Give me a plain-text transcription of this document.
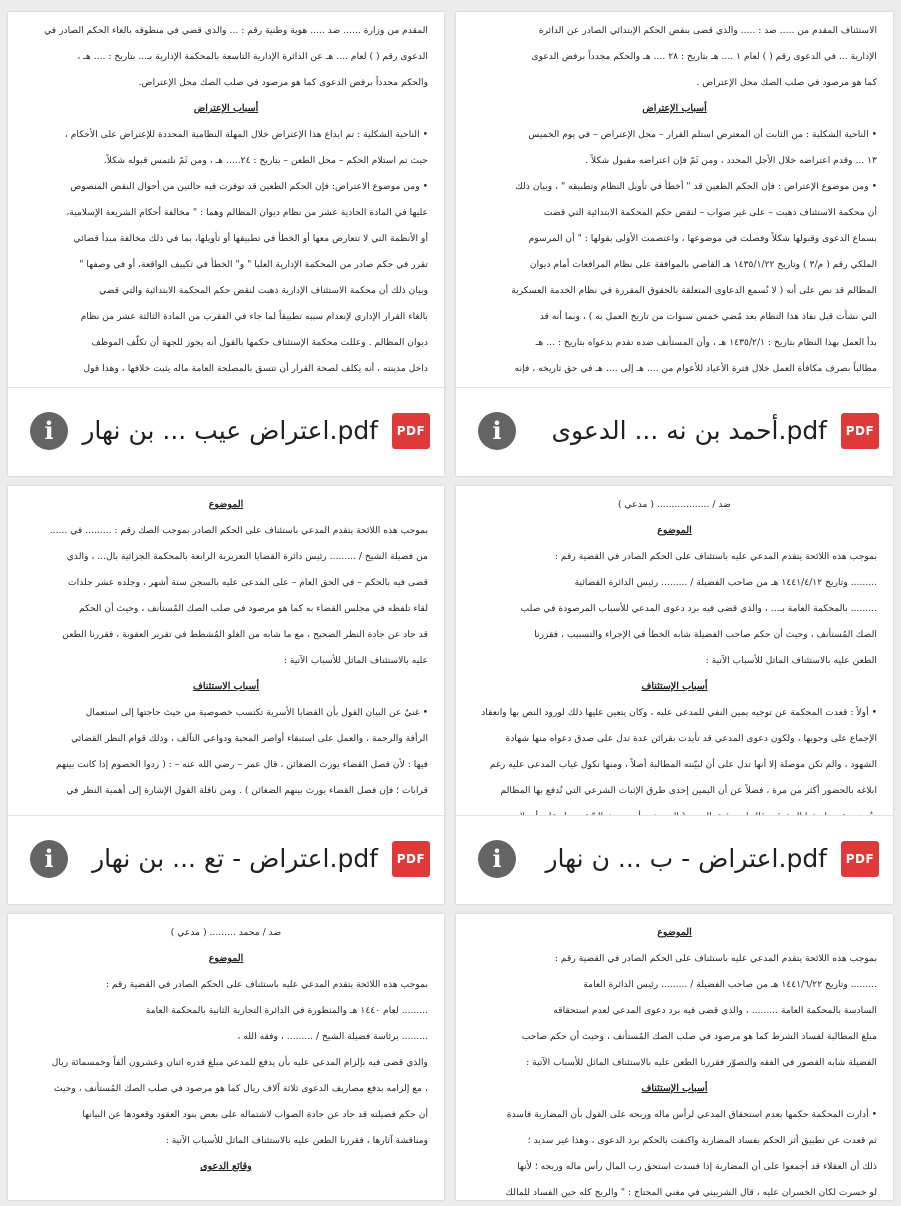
المقدم من وزارة ...... ضد ..... هوية وطنية رقم : ... والذي قضي في منطوقه بالغاء الحكم الصادر في

الدعوى رقم ( ) لعام .... هـ عن الدائرة الإدارية التاسعة بالمحكمة الإدارية بـ... بتاريخ : .... هـ ،

والحكم مجدداً برفض الدعوى كما هو مرصود في صلب الصك محل الإعتراض.

أسباب الإعتراض

• الناحية الشكلية : تم ايداع هذا الإعتراض خلال المهلة النظامية المحددة للإعتراض على الأحكام ،

حيث تم استلام الحكم – محل الطعن – بتاريخ : ٢٤..... هـ ، ومن ثَمّ نلتمس قبوله شكلاً.

• ومن موضوع الاعتراض: فإن الحكم الطعين قد توفرت فيه حالتين من أحوال النقض المنصوص

عليها في المادة الحادية عشر من نظام ديوان المظالم وهما : " مخالفة أحكام الشريعة الإسلامية،

أو الأنظمة التي لا تتعارض معها أو الخطأ في تطبيقها أو تأويلها، بما في ذلك مخالفة مبدأ قضائي

تقرر في حكم صادر من المحكمة الإدارية العليا " و" الخطأ في تكييف الواقعة، أو في وصفها "

وبيان ذلك أن محكمة الاستئناف الإدارية ذهبت لنقض حكم المحكمة الابتدائية والتي قضي

بالغاء القرار الإداري لإنعدام سببه تطبيقاً لما جاء في الفقرب من المادة الثالثة عشر من نظام

ديوان المظالم . وعللت محكمة الإستئناف حكمها بالقول أنه يجوز للجهة أن تكلّف الموظف

داخل مدينته ، أنه يكلف لصحة القرار أن تتسق بالمصلحة العامة ماله يثبت خلافها ، وهذا قول

i	اعتراض عيب ... بن نهار.pdf	PDF

الاستئناف المقدم من ..... ضد : ..... والذي قضى بنقض الحكم الإبتدائي الصادر عن الدائرة

الإدارية ... في الدعوى رقم ( ) لعام ١ .... هـ بتاريخ : ٢٨ .... هـ والحكم مجدداً برفض الدعوى

كما هو مرصود في صلب الصك محل الإعتراض .

أسباب الإعتراض

• الناحية الشكلية : من الثابت أن المعترض استلم القرار – محل الإعتراض – في يوم الخميس

١٣ ... وقدم اعتراضه خلال الأجل المحدد ، ومن ثَمّ فإن اعتراضه مقبول شكلاً .

• ومن موضوع الإعتراض : فإن الحكم الطعين قد " أخطأ في تأويل النظام وتطبيقه " ، وبيان ذلك

أن محكمة الاستئناف ذهبت – على غير صواب – لنقض حكم المحكمة الابتدائية التي قضت

بسماع الدعوى وقبولها شكلاً وفصلت في موضوعها ، واعتصمت الأولى بقولها : " أن المرسوم

الملكي رقم ( م/٣ ) وتاريخ ١٤٣٥/١/٢٢ هـ القاضي بالموافقة على نظام المرافعات أمام ديوان

المظالم قد نص على أنه ( لا تُسمع الدعاوى المتعلقة بالحقوق المقررة في نظام الخدمة العسكرية

التي نشأت قبل نفاذ هذا النظام بعد مُضي خمس سنوات من تاريخ العمل به ) ، وبما أنه قد

بدأ العمل بهذا النظام بتاريخ : ١٤٣٥/٢/١ هـ ، وأن المستأنف ضده تقدم بدعواه بتاريخ : ... هـ

مطالباً بصرف مكافأة العمل خلال فترة الأعياد للأعوام من .... هـ إلى .... هـ في حق تاريخه ، فإنه

i	أحمد بن نه ... الدعوى.pdf	PDF

الموضوع

بموجب هذه اللائحة يتقدم المدعي باستئناف على الحكم الصادر بموجب الصك رقم : ......... في ......

من فضيلة الشيخ / ......... رئيس دائرة القضايا التعزيرية الرابعة بالمحكمة الجزائية بال... ، والذي

قضى فيه بالحكم – في الحق العام – على المدعى عليه بالسجن ستة أشهر ، وجلده عشر جلدات

لقاء تلفظه في مجلس القضاء به كما هو مرصود في صلب الصك المُستأنف ، وحيث أن الحكم

قد حاد عن جادة النظر الصحيح ، مع ما شابه من الغلو المُشطط في تقرير العقوبة ، فقررنا الطعن

عليه بالاستئناف الماثل للأسباب الآتية :

أسباب الاستئناف

• غنيٌ عن البيان القول بأن القضايا الأسرية تكتسب خصوصية من حيث حاجتها إلى استعمال

الرأفة والرحمة ، والعمل على استبقاء أواصر المحبة ودواعي التآلف ، وذلك قوام النظر القضائي

فيها : لأن فصل القضاء يورث الضغائن ، قال عمر – رضي الله عنه – : ( ردوا الخصوم إذا كانت بينهم

قرابات ؛ فإن فصل القضاء يورث بينهم الضغائن ) . ومن نافلة القول الإشارة إلى أهمية النظر في

i	اعتراض - تع ... بن نهار.pdf	PDF

ضد / .................. ( مدعي )

الموضوع

بموجب هذه اللائحة يتقدم المدعي عليه باستئناف على الحكم الصادر في القضية رقم :

......... وتاريخ ١٤٤١/٤/١٢ هـ من صاحب الفضيلة / ......... رئيس الدائرة القضائية

......... بالمحكمة العامة بـ... ، والذي قضى فيه برد دعوى المدعي للأسباب المرصودة في صلب

الصك المُستأنف ، وحيث أن حكم صاحب الفضيلة شابه الخطأ في الإجراء والتسبيب ، فقررنا

الطعن عليه بالاستئناف الماثل للأسباب الآتية :

أسباب الإستئناف

• أولاً : قعدت المحكمة عن توجيه يمين النفي للمدعى عليه ، وكان يتعين عليها ذلك لورود النص بها وانعقاد

الإجماع على وجوبها ، ولكون دعوى المدعي قد تأيدت بقرائن عدة تدل على صدق دعواه منها شهادة

الشهود ، والم تكن موصلة إلا أنها تدل على أن لبيّنته المطالبة أصلاً ، ومنها نكول غياب المدعى عليه رغم

ابلاغه بالحضور أكثر من مرة ، فضلاً عن أن اليمين إحدى طرق الإثبات الشرعي التي تُدفع بها المظالم

i	اعتراض - ب ... ن نهار.pdf	PDF

ضد / محمد ......... ( مدعي )

الموضوع

بموجب هذه اللائحة يتقدم المدعي عليه باستئناف على الحكم الصادر في القضية رقم :

......... لعام ١٤٤٠ هـ والمنظورة في الدائرة التجارية الثانية بالمحكمة العامة

......... برئاسة فضيلة الشيخ / ......... ، وفقه الله ،

والذي قضى فيه بإلزام المدعي عليه بأن يدفع للمدعي مبلغ قدره اثنان وعشرون ألفاً وخمسمائة ريال

، مع إلزامه بدفع مصاريف الدعوى ثلاثة آلاف ريال كما هو مرصود في صلب الصك المُستأنف ، وحيث

أن حكم فضيلته قد حاد عن جادة الصواب لاشتماله على بعض بنود العقود وقعودها عن البيانها

ومناقشة آثارها ، فقررنا الطعن عليه بالاستئناف الماثل للأسباب الآتية :

وقائع الدعوى

الموضوع

بموجب هذه اللائحة يتقدم المدعي عليه باستئناف على الحكم الصادر في القضية رقم :

......... وتاريخ ١٤٤١/٦/٢٢ هـ من صاحب الفضيلة / ......... رئيس الدائرة العامة

السادسة بالمحكمة العامة ......... ، والذي قضى فيه برد دعوى المدعي لعدم استحقاقه

مبلغ المطالبة لفساد الشرط كما هو مرصود في صلب الصك المُستأنف ، وحيث أن حكم صاحب

الفضيلة شابه القصور في الفقه والتصوّر فقررنا الطعن عليه بالاستئناف الماثل للأسباب الآتية :

أسباب الإستئناف

• أدارت المحكمة حكمها بعدم استحقاق المدعي لرأس ماله وربحه على القول بأن المضاربة فاسدة

ثم قعدت عن تطبيق أثر الحكم بفساد المضاربة واكتفت بالحكم برد الدعوى ، وهذا غير سديد ؛

ذلك أن العقلاء قد أجمعوا على أن المضاربة إذا فسدت استحق رب المال رأس ماله وربحه ؛ لأنها

لو خسرت لكان الخسران عليه ، قال الشربيني في مغني المحتاج : " والربح كله حين الفساد للمالك
